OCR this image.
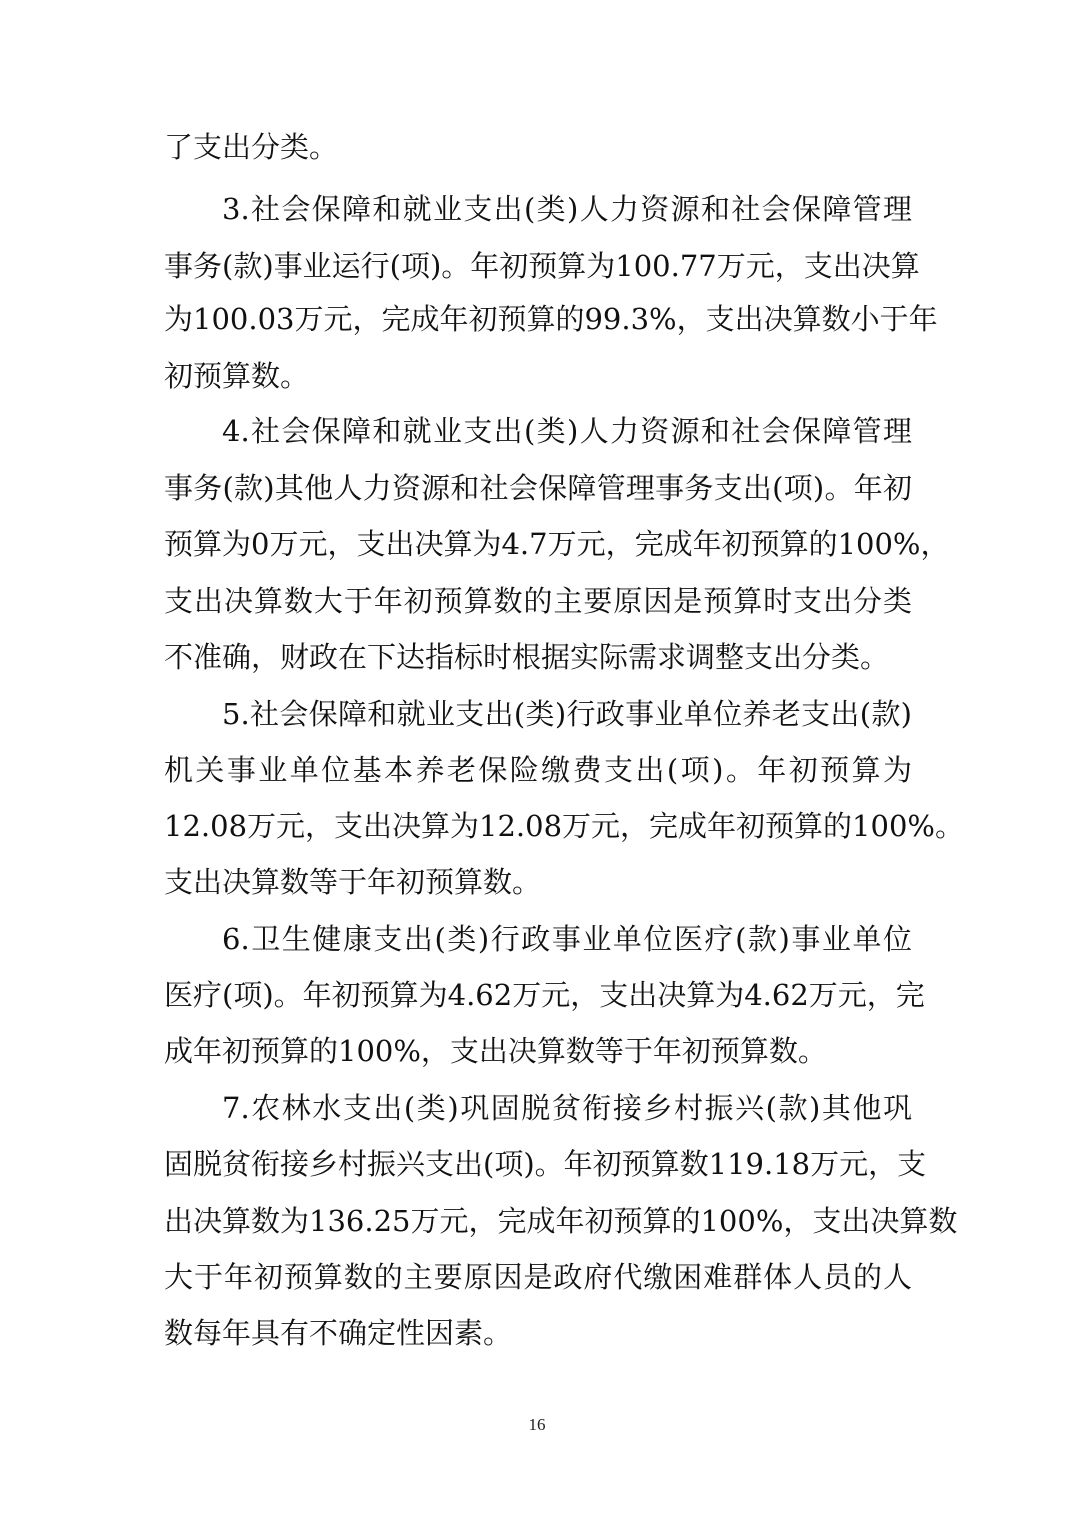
了支出分类。
3.社会保障和就业支出(类)人力资源和社会保障管理
事务(款)事业运行(项)。年初预算为100.77万元，支出决算
为100.03万元，完成年初预算的99.3%，支出决算数小于年
初预算数。
4.社会保障和就业支出(类)人力资源和社会保障管理
事务(款)其他人力资源和社会保障管理事务支出(项)。年初
预算为0万元，支出决算为4.7万元，完成年初预算的100%，
支出决算数大于年初预算数的主要原因是预算时支出分类
不准确，财政在下达指标时根据实际需求调整支出分类。
5.社会保障和就业支出(类)行政事业单位养老支出(款)
机关事业单位基本养老保险缴费支出(项)。年初预算为
12.08万元，支出决算为12.08万元，完成年初预算的100%。
支出决算数等于年初预算数。
6.卫生健康支出(类)行政事业单位医疗(款)事业单位
医疗(项)。年初预算为4.62万元，支出决算为4.62万元，完
成年初预算的100%，支出决算数等于年初预算数。
7.农林水支出(类)巩固脱贫衔接乡村振兴(款)其他巩
固脱贫衔接乡村振兴支出(项)。年初预算数119.18万元，支
出决算数为136.25万元，完成年初预算的100%，支出决算数
大于年初预算数的主要原因是政府代缴困难群体人员的人
数每年具有不确定性因素。
16
